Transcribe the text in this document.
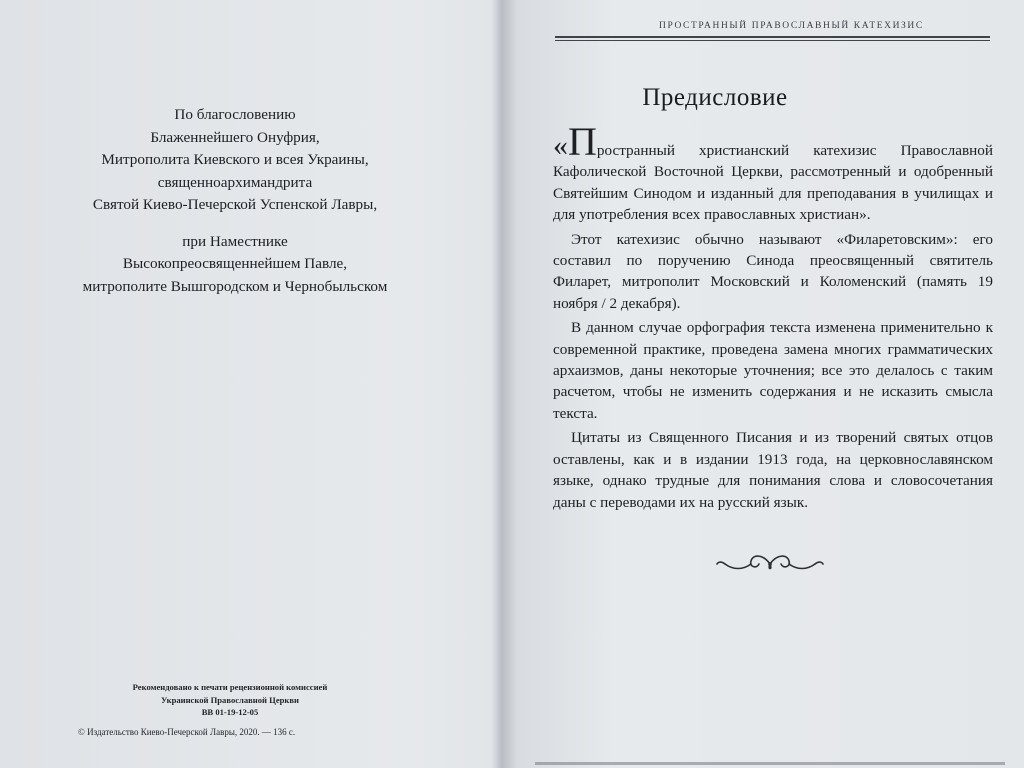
По благословению

Блаженнейшего Онуфрия,

Митрополита Киевского и всея Украины,

священноархимандрита

Святой Киево-Печерской Успенской Лавры,

при Наместнике

Высокопреосвященнейшем Павле,

митрополите Вышгородском и Чернобыльском

Рекомендовано к печати рецензионной комиссией

Украинской Православной Церкви

ВВ 01-19-12-05

© Издательство Киево-Печерской Лавры, 2020. — 136 с.
ПРОСТРАННЫЙ ПРАВОСЛАВНЫЙ КАТЕХИЗИС
Предисловие

«Пространный христианский катехизис Православной Кафолической Восточной Церкви, рассмотренный и одобренный Святейшим Синодом и изданный для преподавания в училищах и для употребления всех православных христиан».

Этот катехизис обычно называют «Филаретовским»: его составил по поручению Синода преосвященный святитель Филарет, митрополит Московский и Коломенский (память 19 ноября / 2 декабря).

В данном случае орфография текста изменена применительно к современной практике, проведена замена многих грамматических архаизмов, даны некоторые уточнения; все это делалось с таким расчетом, чтобы не изменить содержания и не исказить смысла текста.

Цитаты из Священного Писания и из творений святых отцов оставлены, как и в издании 1913 года, на церковнославянском языке, однако трудные для понимания слова и словосочетания даны с переводами их на русский язык.
